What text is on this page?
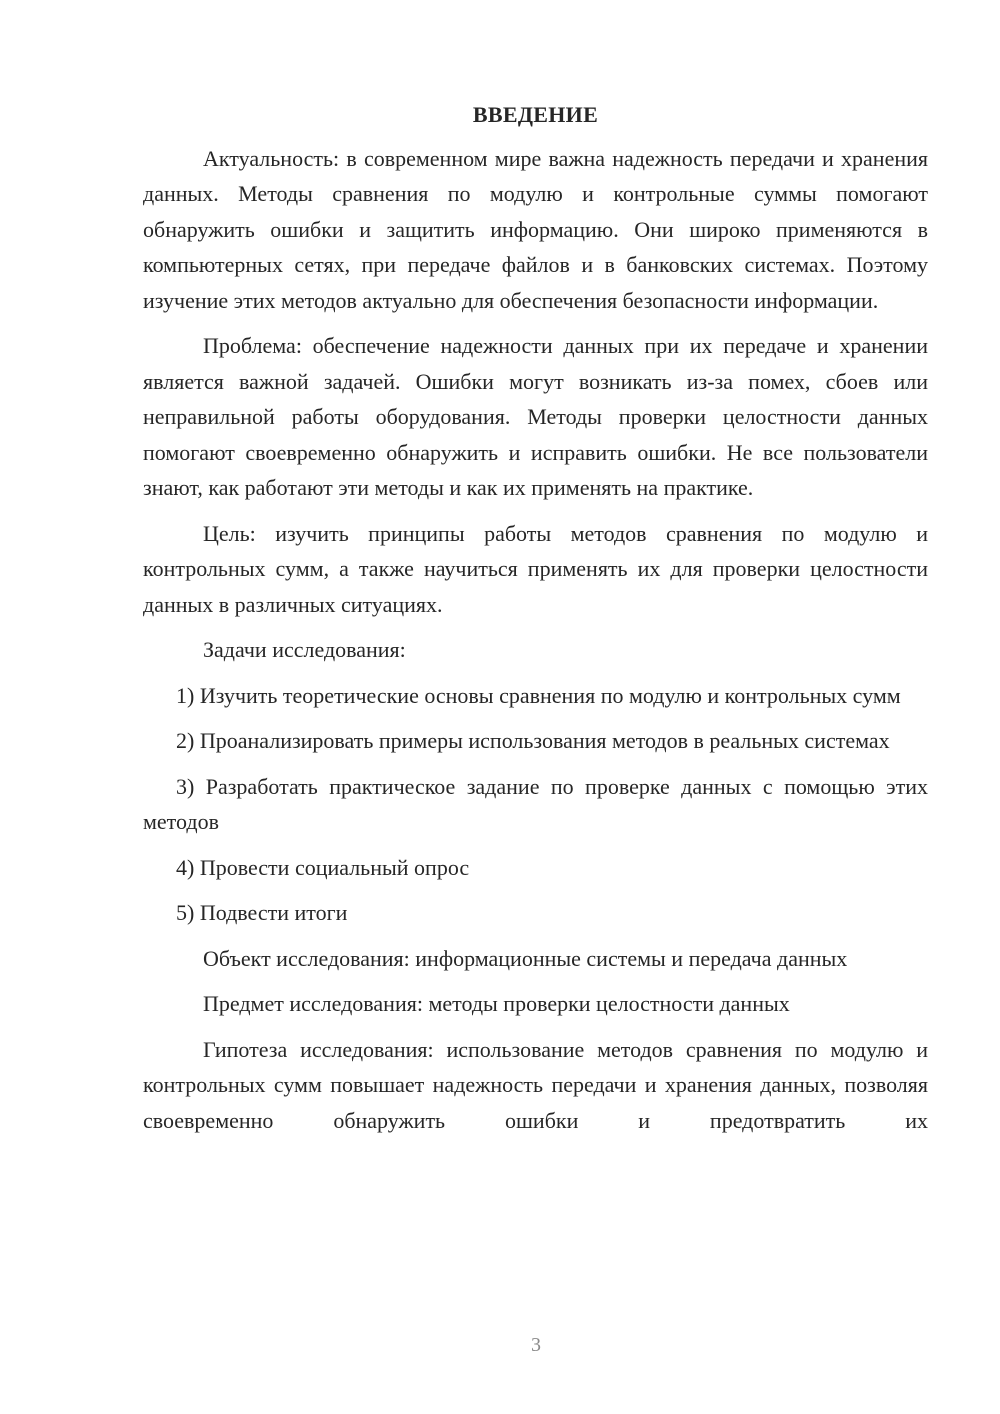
ВВЕДЕНИЕ

Актуальность: в современном мире важна надежность передачи и хранения данных. Методы сравнения по модулю и контрольные суммы помогают обнаружить ошибки и защитить информацию. Они широко применяются в компьютерных сетях, при передаче файлов и в банковских системах. Поэтому изучение этих методов актуально для обеспечения безопасности информации.

Проблема: обеспечение надежности данных при их передаче и хранении является важной задачей. Ошибки могут возникать из-за помех, сбоев или неправильной работы оборудования. Методы проверки целостности данных помогают своевременно обнаружить и исправить ошибки. Не все пользователи знают, как работают эти методы и как их применять на практике.

Цель: изучить принципы работы методов сравнения по модулю и контрольных сумм, а также научиться применять их для проверки целостности данных в различных ситуациях.

Задачи исследования:

1) Изучить теоретические основы сравнения по модулю и контрольных сумм

2) Проанализировать примеры использования методов в реальных системах

3) Разработать практическое задание по проверке данных с помощью этих методов

4) Провести социальный опрос

5) Подвести итоги

Объект исследования: информационные системы и передача данных

Предмет исследования: методы проверки целостности данных

Гипотеза исследования: использование методов сравнения по модулю и контрольных сумм повышает надежность передачи и хранения данных, позволяя своевременно обнаружить ошибки и предотвратить их

3
